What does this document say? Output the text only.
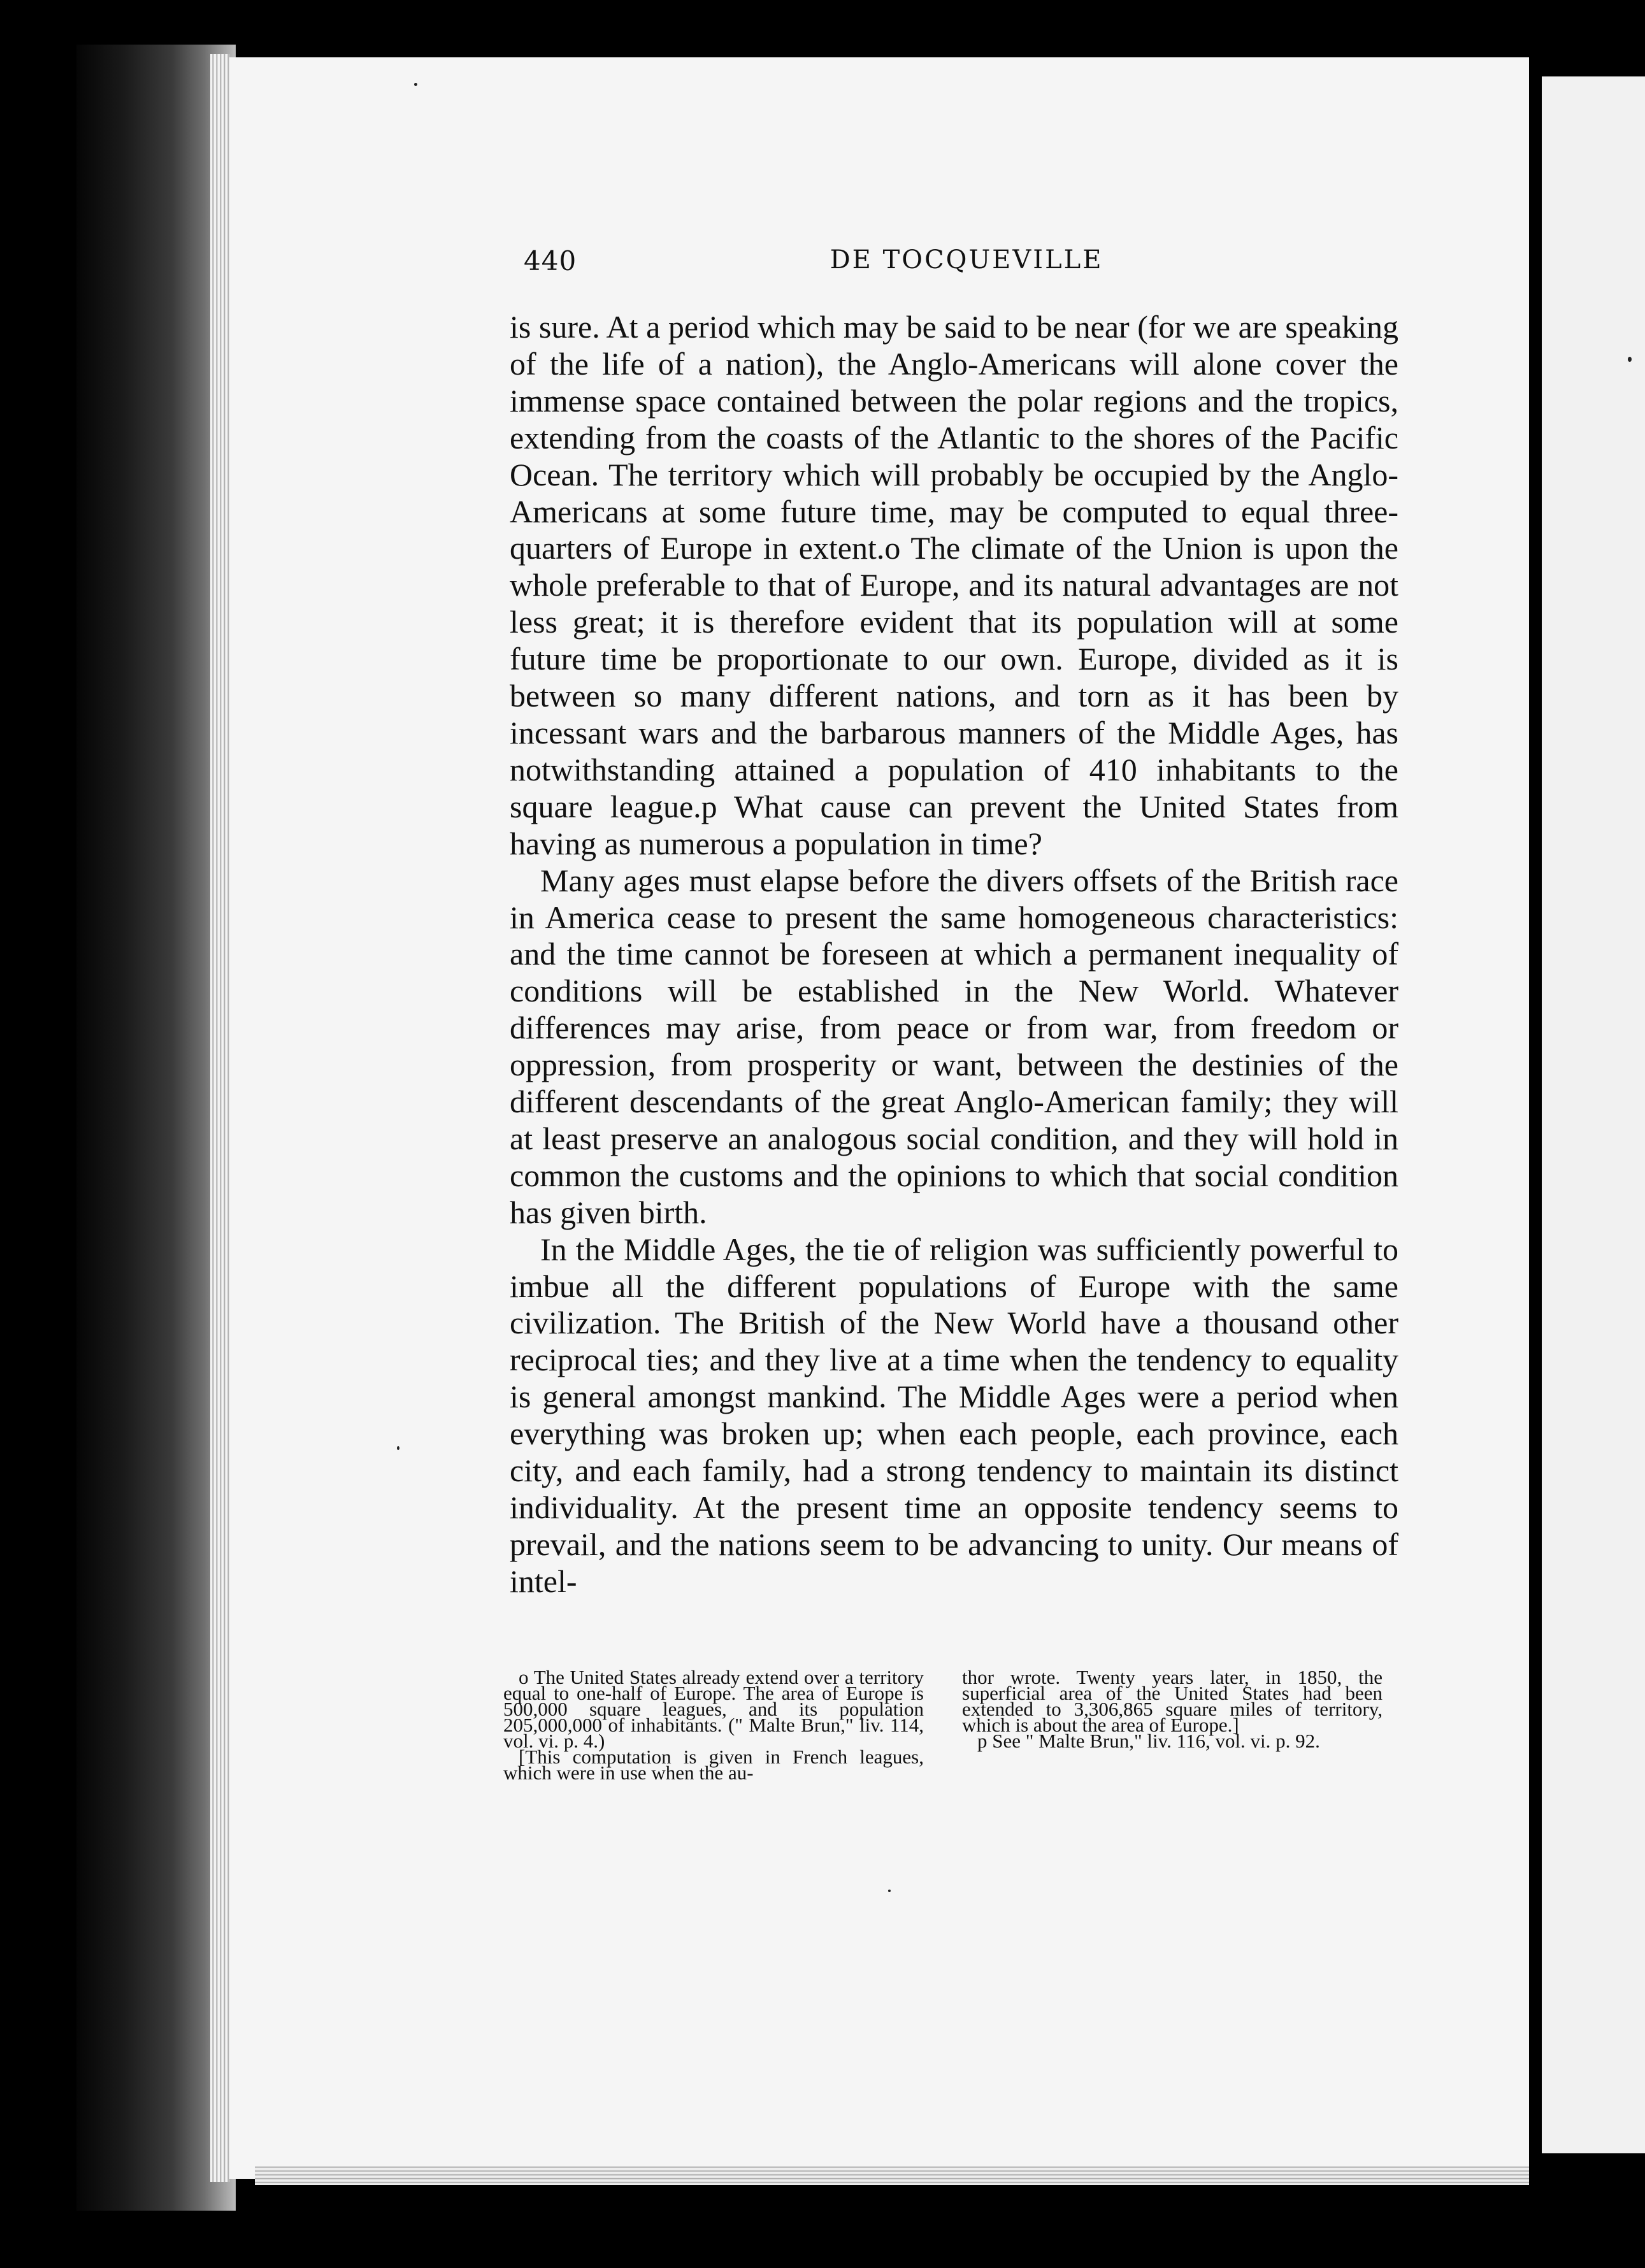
440	DE TOCQUEVILLE

is sure. At a period which may be said to be near (for we are speaking of the life of a nation), the Anglo-Americans will alone cover the immense space contained between the polar regions and the tropics, extending from the coasts of the Atlantic to the shores of the Pacific Ocean. The territory which will probably be occupied by the Anglo-Americans at some future time, may be computed to equal three-quarters of Europe in extent.o The climate of the Union is upon the whole preferable to that of Europe, and its natural advantages are not less great; it is therefore evident that its population will at some future time be proportionate to our own. Europe, divided as it is between so many different nations, and torn as it has been by incessant wars and the barbarous manners of the Middle Ages, has notwithstanding attained a population of 410 inhabitants to the square league.p What cause can prevent the United States from having as numerous a population in time?

Many ages must elapse before the divers offsets of the British race in America cease to present the same homogeneous characteristics: and the time cannot be foreseen at which a permanent inequality of conditions will be established in the New World. Whatever differences may arise, from peace or from war, from freedom or oppression, from prosperity or want, between the destinies of the different descendants of the great Anglo-American family; they will at least preserve an analogous social condition, and they will hold in common the customs and the opinions to which that social condition has given birth.

In the Middle Ages, the tie of religion was sufficiently powerful to imbue all the different populations of Europe with the same civilization. The British of the New World have a thousand other reciprocal ties; and they live at a time when the tendency to equality is general amongst mankind. The Middle Ages were a period when everything was broken up; when each people, each province, each city, and each family, had a strong tendency to maintain its distinct individuality. At the present time an opposite tendency seems to prevail, and the nations seem to be advancing to unity. Our means of intel-

o The United States already extend over a territory equal to one-half of Europe. The area of Europe is 500,000 square leagues, and its population 205,000,000 of inhabitants. (" Malte Brun," liv. 114, vol. vi. p. 4.)

[This computation is given in French leagues, which were in use when the au-

thor wrote. Twenty years later, in 1850, the superficial area of the United States had been extended to 3,306,865 square miles of territory, which is about the area of Europe.]

p See " Malte Brun," liv. 116, vol. vi. p. 92.
